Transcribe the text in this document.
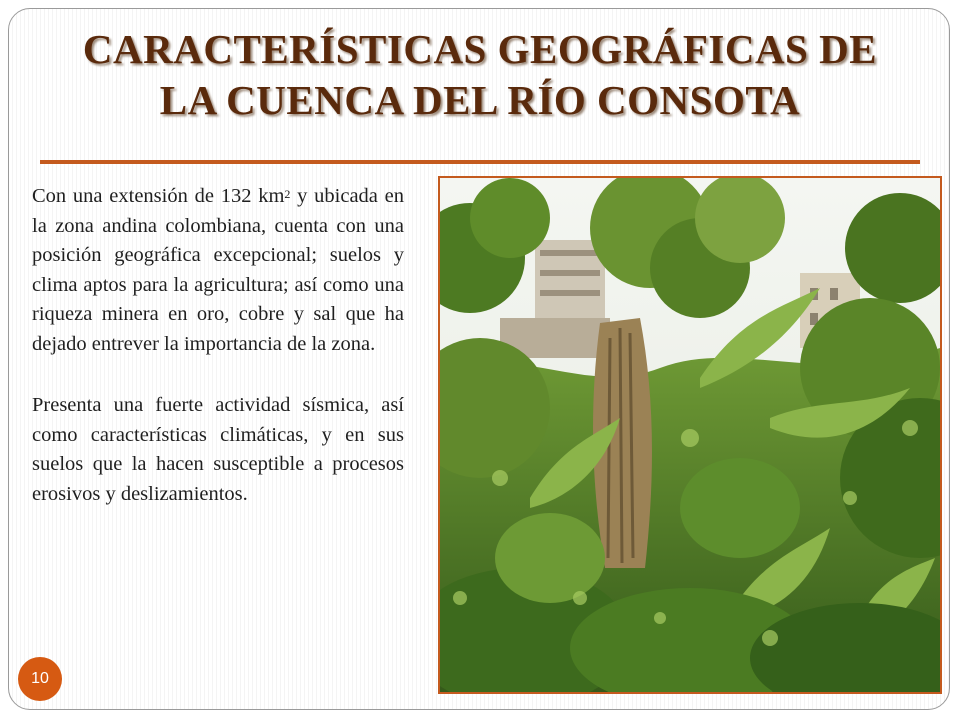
CARACTERÍSTICAS GEOGRÁFICAS DE
LA CUENCA DEL RÍO CONSOTA

Con una extensión de 132 $km^2$ y ubicada en la zona andina colombiana, cuenta con una posición geográfica excepcional; suelos y clima aptos para la agricultura; así como una riqueza minera en oro, cobre y sal que ha dejado entrever la importancia de la zona.

Presenta una fuerte actividad sísmica, así como características climáticas, y en sus suelos que la hacen susceptible a procesos erosivos y deslizamientos.

10
